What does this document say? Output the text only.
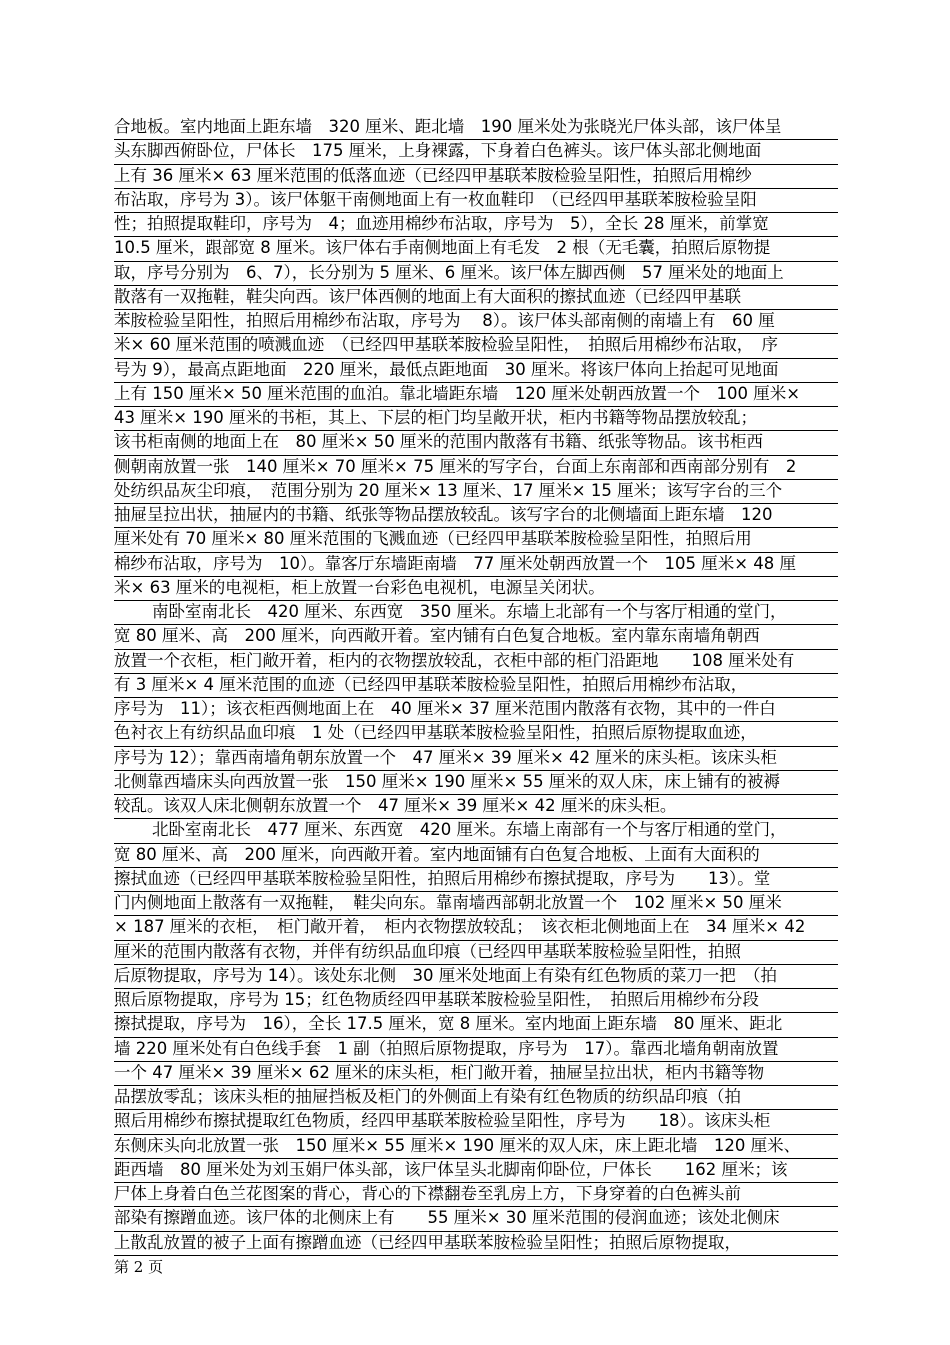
合地板。室内地面上距东墙　320 厘米、距北墙　190 厘米处为张晓光尸体头部，该尸体呈
头东脚西俯卧位，尸体长　175 厘米，上身裸露，下身着白色裤头。该尸体头部北侧地面
上有 36 厘米× 63 厘米范围的低落血迹（已经四甲基联苯胺检验呈阳性，拍照后用棉纱
布沾取，序号为 3）。该尸体躯干南侧地面上有一枚血鞋印　（已经四甲基联苯胺检验呈阳
性；拍照提取鞋印，序号为　4；血迹用棉纱布沾取，序号为　5），全长 28 厘米，前掌宽
10.5 厘米，跟部宽 8 厘米。该尸体右手南侧地面上有毛发　2 根（无毛囊，拍照后原物提
取，序号分别为　6、7），长分别为 5 厘米、6 厘米。该尸体左脚西侧　57 厘米处的地面上
散落有一双拖鞋，鞋尖向西。该尸体西侧的地面上有大面积的擦拭血迹（已经四甲基联
苯胺检验呈阳性，拍照后用棉纱布沾取，序号为　 8）。该尸体头部南侧的南墙上有　60 厘
米× 60 厘米范围的喷溅血迹　（已经四甲基联苯胺检验呈阳性，　拍照后用棉纱布沾取，　序
号为 9），最高点距地面　220 厘米，最低点距地面　30 厘米。将该尸体向上抬起可见地面
上有 150 厘米× 50 厘米范围的血泊。靠北墙距东墙　120 厘米处朝西放置一个　100 厘米×
43 厘米× 190 厘米的书柜，其上、下层的柜门均呈敞开状，柜内书籍等物品摆放较乱；
该书柜南侧的地面上在　80 厘米× 50 厘米的范围内散落有书籍、纸张等物品。该书柜西
侧朝南放置一张　140 厘米× 70 厘米× 75 厘米的写字台，台面上东南部和西南部分别有　2
处纺织品灰尘印痕，　范围分别为 20 厘米× 13 厘米、17 厘米× 15 厘米；该写字台的三个
抽屉呈拉出状，抽屉内的书籍、纸张等物品摆放较乱。该写字台的北侧墙面上距东墙　120
厘米处有 70 厘米× 80 厘米范围的飞溅血迹（已经四甲基联苯胺检验呈阳性，拍照后用
棉纱布沾取，序号为　10）。靠客厅东墙距南墙　77 厘米处朝西放置一个　105 厘米× 48 厘
米× 63 厘米的电视柜，柜上放置一台彩色电视机，电源呈关闭状。
南卧室南北长　420 厘米、东西宽　350 厘米。东墙上北部有一个与客厅相通的堂门，
宽 80 厘米、高　200 厘米，向西敞开着。室内铺有白色复合地板。室内靠东南墙角朝西
放置一个衣柜，柜门敞开着，柜内的衣物摆放较乱，衣柜中部的柜门沿距地　　108 厘米处有
有 3 厘米× 4 厘米范围的血迹（已经四甲基联苯胺检验呈阳性，拍照后用棉纱布沾取，
序号为　11）；该衣柜西侧地面上在　40 厘米× 37 厘米范围内散落有衣物，其中的一件白
色衬衣上有纺织品血印痕　1 处（已经四甲基联苯胺检验呈阳性，拍照后原物提取血迹，
序号为 12）；靠西南墙角朝东放置一个　47 厘米× 39 厘米× 42 厘米的床头柜。该床头柜
北侧靠西墙床头向西放置一张　150 厘米× 190 厘米× 55 厘米的双人床，床上铺有的被褥
较乱。该双人床北侧朝东放置一个　47 厘米× 39 厘米× 42 厘米的床头柜。
北卧室南北长　477 厘米、东西宽　420 厘米。东墙上南部有一个与客厅相通的堂门，
宽 80 厘米、高　200 厘米，向西敞开着。室内地面铺有白色复合地板、上面有大面积的
擦拭血迹（已经四甲基联苯胺检验呈阳性，拍照后用棉纱布擦拭提取，序号为　　13）。堂
门内侧地面上散落有一双拖鞋，　鞋尖向东。靠南墙西部朝北放置一个　102 厘米× 50 厘米
× 187 厘米的衣柜，　柜门敞开着，　柜内衣物摆放较乱；　该衣柜北侧地面上在　34 厘米× 42
厘米的范围内散落有衣物，并伴有纺织品血印痕（已经四甲基联苯胺检验呈阳性，拍照
后原物提取，序号为 14）。该处东北侧　30 厘米处地面上有染有红色物质的菜刀一把　（拍
照后原物提取，序号为 15；红色物质经四甲基联苯胺检验呈阳性，　拍照后用棉纱布分段
擦拭提取，序号为　16），全长 17.5 厘米，宽 8 厘米。室内地面上距东墙　80 厘米、距北
墙 220 厘米处有白色线手套　1 副（拍照后原物提取，序号为　17）。靠西北墙角朝南放置
一个 47 厘米× 39 厘米× 62 厘米的床头柜，柜门敞开着，抽屉呈拉出状，柜内书籍等物
品摆放零乱；该床头柜的抽屉挡板及柜门的外侧面上有染有红色物质的纺织品印痕（拍
照后用棉纱布擦拭提取红色物质，经四甲基联苯胺检验呈阳性，序号为　　18）。该床头柜
东侧床头向北放置一张　150 厘米× 55 厘米× 190 厘米的双人床，床上距北墙　120 厘米、
距西墙　80 厘米处为刘玉娟尸体头部，该尸体呈头北脚南仰卧位，尸体长　　162 厘米；该
尸体上身着白色兰花图案的背心，背心的下襟翻卷至乳房上方，下身穿着的白色裤头前
部染有擦蹭血迹。该尸体的北侧床上有　　55 厘米× 30 厘米范围的侵润血迹；该处北侧床
上散乱放置的被子上面有擦蹭血迹（已经四甲基联苯胺检验呈阳性；拍照后原物提取，
第 2 页
